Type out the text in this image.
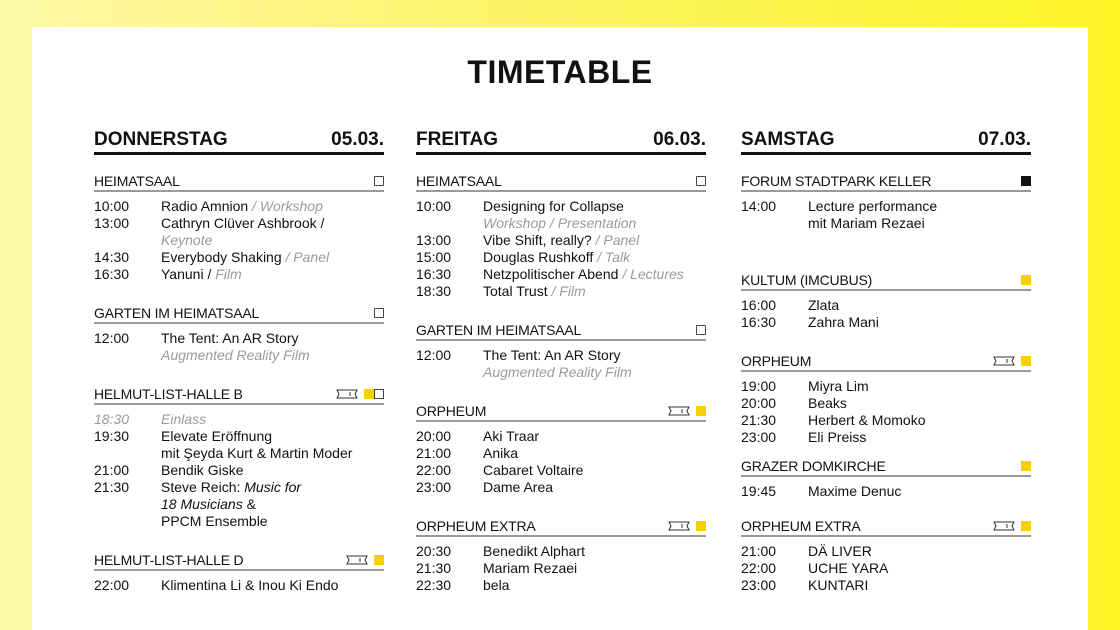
TIMETABLE
DONNERSTAG	05.03.
HEIMATSAAL
10:00	Radio Amnion / Workshop
13:00	Cathryn Clüver Ashbrook /
Keynote
14:30	Everybody Shaking / Panel
16:30	Yanuni / Film
GARTEN IM HEIMATSAAL
12:00	The Tent: An AR Story
Augmented Reality Film
HELMUT-LIST-HALLE B
18:30	Einlass
19:30	Elevate Eröffnung
mit Şeyda Kurt & Martin Moder
21:00	Bendik Giske
21:30	Steve Reich: Music for
18 Musicians &
PPCM Ensemble
HELMUT-LIST-HALLE D
22:00	Klimentina Li & Inou Ki Endo
FREITAG	06.03.
HEIMATSAAL
10:00	Designing for Collapse
Workshop / Presentation
13:00	Vibe Shift, really? / Panel
15:00	Douglas Rushkoff / Talk
16:30	Netzpolitischer Abend / Lectures
18:30	Total Trust / Film
GARTEN IM HEIMATSAAL
12:00	The Tent: An AR Story
Augmented Reality Film
ORPHEUM
20:00	Aki Traar
21:00	Anika
22:00	Cabaret Voltaire
23:00	Dame Area
ORPHEUM EXTRA
20:30	Benedikt Alphart
21:30	Mariam Rezaei
22:30	bela
SAMSTAG	07.03.
FORUM STADTPARK KELLER
14:00	Lecture performance
mit Mariam Rezaei
KULTUM (IMCUBUS)
16:00	Zlata
16:30	Zahra Mani
ORPHEUM
19:00	Miyra Lim
20:00	Beaks
21:30	Herbert & Momoko
23:00	Eli Preiss
GRAZER DOMKIRCHE
19:45	Maxime Denuc
ORPHEUM EXTRA
21:00	DÄ LIVER
22:00	UCHE YARA
23:00	KUNTARI
